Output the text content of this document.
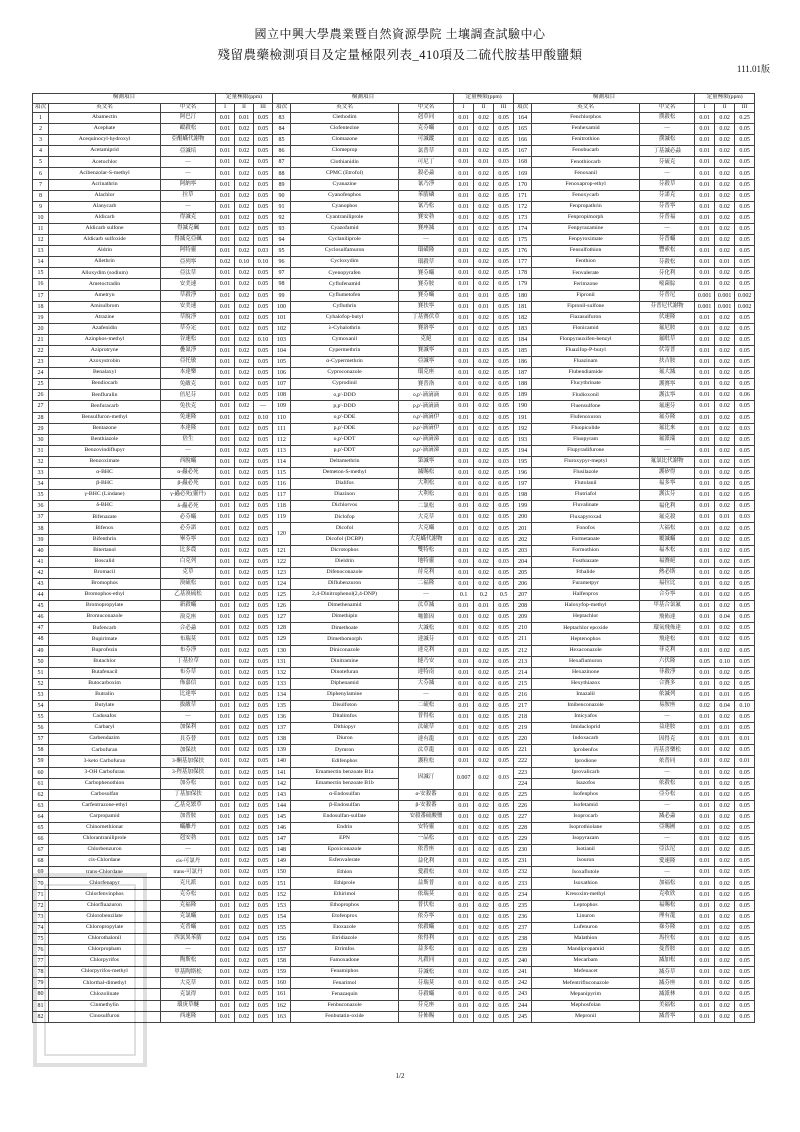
國立中興大學農業暨自然資源學院 土壤調查試驗中心
殘留農藥檢測項目及定量極限列表_410項及二硫代胺基甲酸鹽類
111.01版
檢測項目			定量極限(ppm)			檢測項目			定量極限(ppm)			檢測項目			定量極限(ppm)		
項次	英文名	中文名	I	II	III	項次	英文名	中文名	I	II	III	項次	英文名	中文名	I	II	III
1	Abamectin	阿巴汀	0.01	0.01	0.05	83	Clethodim	剋草同	0.01	0.02	0.05	164	Fenchlorphos	撲殺松	0.01	0.02	0.25
2	Acephate	毆殺松	0.01	0.02	0.05	84	Clofentezine	克芬蟎	0.01	0.02	0.05	165	Fenhexamid	—	0.01	0.02	0.05
3	Acequinocyl-hydroxyl	亞醌蟎代謝物	0.01	0.02	0.05	85	Clomazone	可滅蹤	0.01	0.02	0.05	166	Fenitrothion	撲滅松	0.01	0.02	0.05
4	Acetamiprid	亞滅培	0.01	0.02	0.05	86	Clomeprop	氯普草	0.01	0.02	0.05	167	Fenobucarb	丁基滅必蝨	0.01	0.02	0.05
5	Acetochlor	—	0.01	0.02	0.05	87	Clothianidin	可尼丁	0.01	0.01	0.03	168	Fenothiocarb	芬硫克	0.01	0.02	0.05
6	Acibenzolar-S-methyl	—	0.01	0.02	0.05	88	CPMC (Etrofol)	殺必蝨	0.01	0.02	0.05	169	Fenoxanil	—	0.01	0.02	0.05
7	Acrinathrin	阿納寧	0.01	0.02	0.05	89	Cyanazine	氰乃淨	0.01	0.02	0.05	170	Fenoxaprop-ethyl	芬殺草	0.01	0.02	0.05
8	Alachlor	拉草	0.01	0.02	0.05	90	Cyanofenphos	苯腈磷	0.01	0.02	0.05	171	Fenoxycarb	芬諾克	0.01	0.02	0.05
9	Alanycarb	—	0.01	0.02	0.05	91	Cyanophos	氰乃松	0.01	0.02	0.05	172	Fenpropathrin	芬普寧	0.01	0.02	0.05
10	Aldicarb	得滅克	0.01	0.02	0.05	92	Cyantraniliprole	賽安勃	0.01	0.02	0.05	173	Fenpropimorph	芬普福	0.01	0.02	0.05
11	Aldicarb sulfone	得滅克碸	0.01	0.02	0.05	93	Cyazofamid	賽座滅	0.01	0.02	0.05	174	Fenpyrazamine	—	0.01	0.02	0.05
12	Aldicarb sulfoxide	得滅克亞碸	0.01	0.02	0.05	94	Cyclaniliprole	—	0.01	0.02	0.05	175	Fenpyroximate	芬普蟎	0.01	0.02	0.05
13	Aldrin	阿特靈	0.01	0.02	0.03	95	Cyclosulfamuron	環磺隆	0.01	0.02	0.05	176	Fensulfothion	豐索松	0.01	0.02	0.05
14	Allethrin	亞列寧	0.02	0.10	0.10	96	Cycloxydim	環殺草	0.01	0.02	0.05	177	Fenthion	芬殺松	0.01	0.01	0.05
15	Alloxydim (sodium)	亞汰草	0.01	0.02	0.05	97	Cyenopyrafen	賽芬蟎	0.01	0.02	0.05	178	Fenvalerate	芬化利	0.01	0.02	0.05
16	Ametoctradin	安美速	0.01	0.02	0.05	98	Cyflufenamid	賽芬胺	0.01	0.02	0.05	179	Ferimzone	嘧菌腙	0.01	0.02	0.05
17	Ametryn	草殺淨	0.01	0.02	0.05	99	Cyflumetofen	賽芬蟎	0.01	0.01	0.05	180	Fipronil	芬普尼	0.001	0.001	0.002
18	Amisulbrom	安美速	0.01	0.02	0.05	100	Cyfluthrin	賽扶寧	0.01	0.01	0.05	181	Fipronil-sulfone	芬普尼代謝物	0.001	0.001	0.002
19	Atrazine	草脫淨	0.01	0.02	0.05	101	Cyhalofop-butyl	丁基賽伏草	0.01	0.02	0.05	182	Flazasulfuron	伏速隆	0.01	0.02	0.05
20	Azafenidin	草芬定	0.01	0.02	0.05	102	λ-Cyhalothrin	賽洛寧	0.01	0.02	0.05	183	Flonicamid	氟尼胺	0.01	0.02	0.05
21	Azinphos-methyl	谷速松	0.01	0.02	0.10	103	Cymoxanil	克絕	0.01	0.02	0.05	184	Flonpyrauxifen-benzyl	氟吡草	0.01	0.02	0.05
22	Aziprotryne	疊氮淨	0.01	0.02	0.05	104	Cypermethrin	賽滅寧	0.01	0.03	0.05	185	Fluazifop-P-butyl	伏寄普	0.01	0.02	0.05
23	Azoxystrobin	亞托敏	0.01	0.02	0.05	105	α-Cypermethrin	亞滅寧	0.01	0.02	0.05	186	Fluazinam	扶吉胺	0.01	0.02	0.05
24	Benalaxyl	本達樂	0.01	0.02	0.05	106	Cyproconazole	環克座	0.01	0.02	0.05	187	Flubendiamide	氟大滅	0.01	0.02	0.05
25	Bendiocarb	免敵克	0.01	0.02	0.05	107	Cyprodinil	賽普洛	0.01	0.02	0.05	188	Flucythrinate	護賽寧	0.01	0.02	0.05
26	Benfluralin	倍尼芬	0.01	0.02	0.05	108	o,p'-DDD	o,p'-滴滴滴	0.01	0.02	0.05	189	Fludioxonil	護汰寧	0.01	0.02	0.06
27	Benfuracarb	免扶克	0.01	0.02	—	109	p,p'-DDD	p,p'-滴滴滴	0.01	0.02	0.05	190	Fluensulfone	氟速芬	0.01	0.02	0.05
28	Bensulfuron-methyl	免速隆	0.01	0.02	0.10	110	o,p'-DDE	o,p'-滴滴伊	0.01	0.02	0.05	191	Flufenoxuron	氟芬隆	0.01	0.02	0.05
29	Bentazone	本達隆	0.01	0.02	0.05	111	p,p'-DDE	p,p'-滴滴伊	0.01	0.02	0.05	192	Fluopicolide	氟比來	0.01	0.02	0.03
30	Benthiazole	倍生	0.01	0.02	0.05	112	o,p'-DDT	o,p'-滴滴涕	0.01	0.02	0.05	193	Fluopyram	氟派瑞	0.01	0.02	0.05
31	Benzovindiflupyr	—	0.01	0.02	0.05	113	p,p'-DDT	p,p'-滴滴涕	0.01	0.02	0.05	194	Flupyradifurone	—	0.01	0.02	0.05
32	Benzoximate	西脫蟎	0.01	0.02	0.05	114	Deltamethrin	第滅寧	0.01	0.02	0.03	195	Fluroxypyr-meptyl	氟氯比代謝物	0.01	0.02	0.05
33	α-BHC	α-蟲必死	0.01	0.02	0.05	115	Demeton-S-methyl	滅賜松	0.01	0.02	0.05	196	Flusilazole	護矽得	0.01	0.02	0.05
34	β-BHC	β-蟲必死	0.01	0.02	0.05	116	Dialifos	大利松	0.01	0.02	0.05	197	Flutolanil	福多寧	0.01	0.02	0.05
35	γ-BHC (Lindane)	γ-蟲必死(靈丹)	0.01	0.02	0.05	117	Diazinon	大利松	0.01	0.01	0.05	198	Flutriafol	護汰芬	0.01	0.02	0.05
36	δ-BHC	δ-蟲必死	0.01	0.02	0.05	118	Dichlorvos	二氯松	0.01	0.02	0.05	199	Fluvalinate	福化利	0.01	0.02	0.05
37	Bifenazate	必芬蟎	0.01	0.02	0.05	119	Diclofop	大克草	0.01	0.02	0.05	200	Fluxapyroxad	氟克殺	0.01	0.01	0.03
38	Bifenox	必芬諾	0.01	0.02	0.05	120	Dicofol	大克蟎	0.01	0.02	0.05	201	Fonofos	大福松	0.01	0.02	0.05
39	Bifenthrin	畢芬寧	0.01	0.02	0.03		Dicofol (DCBP)	大克蟎代謝物	0.01	0.02	0.05	202	Formetanate	覆滅蟎	0.01	0.02	0.05
40	Bitertanol	比多農	0.01	0.02	0.05	121	Dicrotophos	雙特松	0.01	0.02	0.05	203	Formothion	福木松	0.01	0.02	0.05
41	Boscalid	白克列	0.01	0.02	0.05	122	Dieldrin	地特靈	0.01	0.02	0.03	204	Fosthiazate	福賽絕	0.01	0.02	0.05
42	Bromacil	克草	0.01	0.02	0.05	123	Difenoconazole	待克利	0.01	0.02	0.05	205	Fthalide	熱必斯	0.01	0.02	0.05
43	Bromophos	溴硫松	0.01	0.02	0.05	124	Diflubenzuron	二福隆	0.01	0.02	0.05	206	Furametpyr	福拉比	0.01	0.02	0.05
44	Bromophos-ethyl	乙基溴硫松	0.01	0.02	0.05	125	2,4-Dinitrophenol(2,4-DNP)	—	0.1	0.2	0.5	207	Halfenprox	合芬寧	0.01	0.02	0.05
45	Bromopropylate	新殺蟎	0.01	0.02	0.05	126	Dimethenamid	汰草滅	0.01	0.01	0.05	208	Haloxyfop-methyl	甲基合氯氟	0.01	0.02	0.05
46	Bromuconazole	溴克座	0.01	0.02	0.05	127	Dimethipin	噻節因	0.01	0.02	0.05	209	Heptachlor	飛佈達	0.01	0.04	0.05
47	Bufencarb	合必蝨	0.01	0.02	0.05	128	Dimethoate	大滅松	0.01	0.02	0.05	210	Heptachlor epoxide	環氧飛佈達	0.01	0.02	0.05
48	Bupirimate	布瑞莫	0.01	0.02	0.05	129	Dimethomorph	達滅芬	0.01	0.02	0.05	211	Heptenophos	飛達松	0.01	0.02	0.05
49	Buprofezin	布芬淨	0.01	0.02	0.05	130	Diniconazole	達克利	0.01	0.02	0.05	212	Hexaconazole	菲克利	0.01	0.02	0.05
50	Butachlor	丁基拉草	0.01	0.02	0.05	131	Dinitramine	撻乃安	0.01	0.02	0.05	213	Hexaflumuron	六伏隆	0.05	0.10	0.05
51	Butafenacil	布芬草	0.01	0.02	0.05	132	Dinotefuran	達特南	0.01	0.02	0.05	214	Hexazinone	菲殺淨	0.01	0.02	0.05
52	Butocarboxim	佈嘉信	0.01	0.02	0.05	133	Diphenamid	大芬滅	0.01	0.02	0.05	215	Hexythiazox	合賽多	0.01	0.02	0.05
53	Butralin	比達寧	0.01	0.02	0.05	134	Diphenylamine	—	0.01	0.02	0.05	216	Imazalil	依滅列	0.01	0.01	0.05
54	Butylate	拔敵草	0.01	0.02	0.05	135	Disulfoton	二硫松	0.01	0.02	0.05	217	Imibenconazole	易胺座	0.02	0.04	0.10
55	Cadusafos	—	0.01	0.02	0.05	136	Ditalimfos	普得松	0.01	0.02	0.05	218	Imicyafos	—	0.01	0.02	0.05
56	Carbaryl	加保利	0.01	0.02	0.05	137	Dithiopyr	汰硫草	0.01	0.02	0.05	219	Imidacloprid	益達胺	0.01	0.01	0.05
57	Carbendazim	貝芬替	0.01	0.02	0.05	138	Diuron	達有龍	0.01	0.02	0.05	220	Indoxacarb	因得克	0.01	0.01	0.01
58	Carbofuran	加保扶	0.01	0.02	0.05	139	Dymron	汰草龍	0.01	0.02	0.05	221	Iprobenfos	丙基喜樂松	0.01	0.02	0.05
59	3-keto Carbofuran	3-酮基加保扶	0.01	0.02	0.05	140	Edifenphos	護粒松	0.01	0.02	0.05	222	Iprodione	依普同	0.01	0.02	0.01
60	3-OH Carbofuran	3-羥基加保扶	0.01	0.02	0.05	141	Emamectin benzoate B1a	因滅汀	0.007	0.02	0.03	223	Iprovalicarb	—	0.01	0.02	0.05
61	Carbophenothion	加芬松	0.01	0.02	0.05	142	Emamectin benzoate B1b					224	Isazofos	依殺松	0.01	0.02	0.05
62	Carbosulfan	丁基加保扶	0.01	0.02	0.05	143	α-Endosulfan	α-安殺番	0.01	0.02	0.05	225	Isofenphos	亞芬松	0.01	0.02	0.05
63	Carfentrazone-ethyl	乙基克繁草	0.01	0.02	0.05	144	β-Endosulfan	β-安殺番	0.01	0.02	0.05	226	Isofetamid	—	0.01	0.02	0.05
64	Carpropamid	加普胺	0.01	0.02	0.05	145	Endosulfan-sulfate	安殺番硫酸鹽	0.01	0.02	0.05	227	Isoprocarb	滅必蝨	0.01	0.02	0.05
65	Chinomethionat	蟎離丹	0.01	0.02	0.05	146	Endrin	安特靈	0.01	0.02	0.05	228	Isoprothiolane	亞賜圃	0.01	0.02	0.05
66	Chlorantraniliprole	剋安勃	0.01	0.02	0.05	147	EPN	一品松	0.01	0.02	0.05	229	Isopyrazam	—	0.01	0.02	0.05
67	Chlorbenzuron	—	0.01	0.02	0.05	148	Epoxiconazole	依普座	0.01	0.02	0.05	230	Isotianil	亞汰尼	0.01	0.02	0.05
68	cis-Chlordane	cis-可氯丹	0.01	0.02	0.05	149	Esfenvalerate	益化利	0.01	0.02	0.05	231	Isouron	愛速隆	0.01	0.02	0.05
69	trans-Chlordane	trans-可氯丹	0.01	0.02	0.05	150	Ethion	愛殺松	0.01	0.02	0.05	232	Isoxaflutole	—	0.01	0.02	0.05
70	Chlorfenapyr	克凡派	0.01	0.02	0.05	151	Ethiprole	益斯普	0.01	0.02	0.05	233	Isoxathion	加福松	0.01	0.02	0.05
71	Chlorfenvinphos	克芬松	0.01	0.02	0.05	152	Ethirimol	依瑞莫	0.01	0.02	0.05	234	Kresoxim-methyl	克收欣	0.01	0.02	0.05
72	Chlorfluazuron	克福隆	0.01	0.02	0.05	153	Ethoprophos	普伏松	0.01	0.02	0.05	235	Leptophos	福賜松	0.01	0.02	0.05
73	Chlorobenzilate	克氯蟎	0.01	0.02	0.05	154	Etofenprox	依芬寧	0.01	0.02	0.05	236	Linuron	理有龍	0.01	0.02	0.05
74	Chloropropylate	克普蟎	0.01	0.02	0.05	155	Etoxazole	依殺蟎	0.01	0.02	0.05	237	Lufenuron	祿芬隆	0.01	0.02	0.05
75	Chlorothalonil	四氯異苯腈	0.02	0.04	0.05	156	Etridiazole	依得利	0.01	0.02	0.05	238	Malathion	馬拉松	0.01	0.02	0.05
76	Chlorpropham	—	0.01	0.02	0.05	157	Etrimfos	益多松	0.01	0.02	0.05	239	Mandipropamid	曼普胺	0.01	0.02	0.05
77	Chlorpyrifos	陶斯松	0.01	0.02	0.05	158	Famoxadone	凡殺同	0.01	0.02	0.05	240	Mecarbam	滅加松	0.01	0.02	0.05
78	Chlorpyrifos-methyl	甲基陶斯松	0.01	0.02	0.05	159	Fenamiphos	芬滅松	0.01	0.02	0.05	241	Mefenacet	滅芬草	0.01	0.02	0.05
79	Chlorthal-dimethyl	大克草	0.01	0.02	0.05	160	Fenarimol	芬瑞莫	0.01	0.02	0.05	242	Mefentrifluconazole	滅芬座	0.01	0.02	0.05
80	Chlozolinate	克氯得	0.01	0.02	0.05	161	Fenazaquin	芬殺蟎	0.01	0.02	0.05	243	Mepanipyrim	滅派林	0.01	0.02	0.05
81	Cinmethylin	環庚草醚	0.01	0.02	0.05	162	Fenbuconazole	芬克座	0.01	0.02	0.05	244	Mephosfolan	美福松	0.01	0.02	0.05
82	Cinosulfuron	西速隆	0.01	0.02	0.05	163	Fenbutatin-oxide	芬佈賜	0.01	0.02	0.05	245	Mepronil	滅普寧	0.01	0.02	0.05
1/2
